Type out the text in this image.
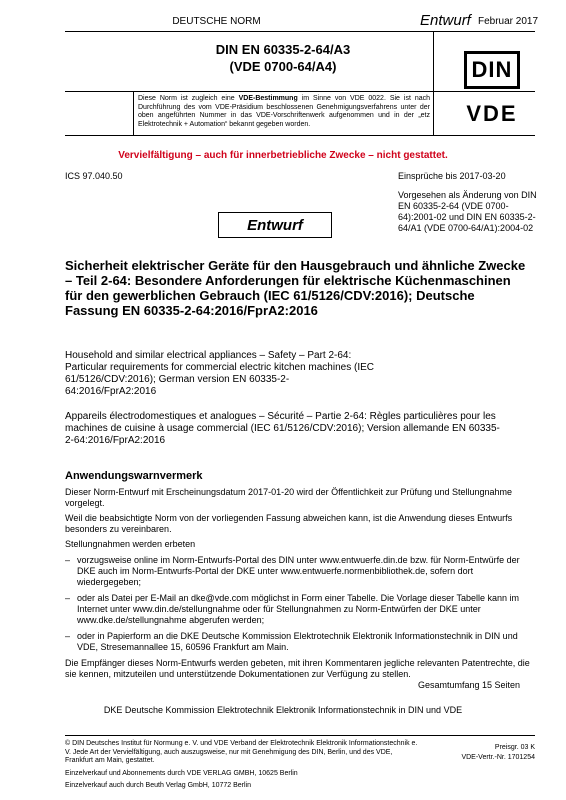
DEUTSCHE NORM	Entwurf Februar 2017
DIN EN 60335-2-64/A3
(VDE 0700-64/A4)	DIN
VDE
Diese Norm ist zugleich eine VDE-Bestimmung im Sinne von VDE 0022. Sie ist nach Durchführung des vom VDE-Präsidium beschlossenen Genehmigungsverfahrens unter der oben angeführten Nummer in das VDE-Vorschriftenwerk aufgenommen und in der „etz Elektrotechnik + Automation“ bekannt gegeben worden.
Vervielfältigung – auch für innerbetriebliche Zwecke – nicht gestattet.
ICS 97.040.50	Einsprüche bis 2017-03-20
Vorgesehen als Änderung von DIN EN 60335-2-64 (VDE 0700-64):2001-02 und DIN EN 60335-2-64/A1 (VDE 0700-64/A1):2004-02
Entwurf
Sicherheit elektrischer Geräte für den Hausgebrauch und ähnliche Zwecke – Teil 2-64: Besondere Anforderungen für elektrische Küchenmaschinen für den gewerblichen Gebrauch (IEC 61/5126/CDV:2016); Deutsche Fassung EN 60335-2-64:2016/FprA2:2016
Household and similar electrical appliances – Safety – Part 2-64: Particular requirements for commercial electric kitchen machines (IEC 61/5126/CDV:2016); German version EN 60335-2-64:2016/FprA2:2016
Appareils électrodomestiques et analogues – Sécurité – Partie 2-64: Règles particulières pour les machines de cuisine à usage commercial (IEC 61/5126/CDV:2016); Version allemande EN 60335-2-64:2016/FprA2:2016
Anwendungswarnvermerk
Dieser Norm-Entwurf mit Erscheinungsdatum 2017-01-20 wird der Öffentlichkeit zur Prüfung und Stellungnahme vorgelegt.
Weil die beabsichtigte Norm von der vorliegenden Fassung abweichen kann, ist die Anwendung dieses Entwurfs besonders zu vereinbaren.
Stellungnahmen werden erbeten
– vorzugsweise online im Norm-Entwurfs-Portal des DIN unter www.entwuerfe.din.de bzw. für Norm-Entwürfe der DKE auch im Norm-Entwurfs-Portal der DKE unter www.entwuerfe.normenbibliothek.de, sofern dort wiedergegeben;
– oder als Datei per E-Mail an dke@vde.com möglichst in Form einer Tabelle. Die Vorlage dieser Tabelle kann im Internet unter www.din.de/stellungnahme oder für Stellungnahmen zu Norm-Entwürfen der DKE unter www.dke.de/stellungnahme abgerufen werden;
– oder in Papierform an die DKE Deutsche Kommission Elektrotechnik Elektronik Informationstechnik in DIN und VDE, Stresemannallee 15, 60596 Frankfurt am Main.
Die Empfänger dieses Norm-Entwurfs werden gebeten, mit ihren Kommentaren jegliche relevanten Patentrechte, die sie kennen, mitzuteilen und unterstützende Dokumentationen zur Verfügung zu stellen.
Gesamtumfang 15 Seiten
DKE Deutsche Kommission Elektrotechnik Elektronik Informationstechnik in DIN und VDE
© DIN Deutsches Institut für Normung e. V. und VDE Verband der Elektrotechnik Elektronik Informationstechnik e. V. Jede Art der Vervielfältigung, auch auszugsweise, nur mit Genehmigung des DIN, Berlin, und des VDE, Frankfurt am Main, gestattet.
Einzelverkauf und Abonnements durch VDE VERLAG GMBH, 10625 Berlin
Einzelverkauf auch durch Beuth Verlag GmbH, 10772 Berlin
Preisgr. 03 K
VDE-Vertr.-Nr. 1701254
